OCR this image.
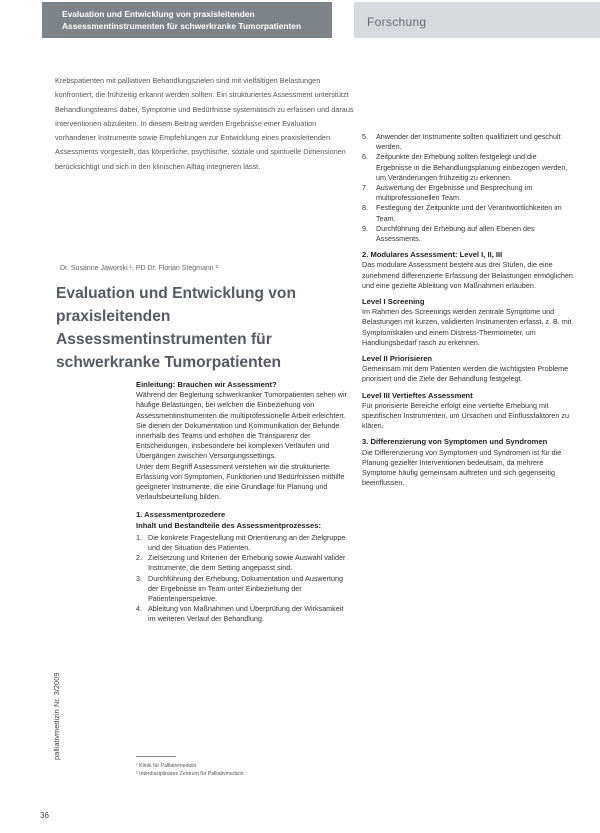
Evaluation und Entwicklung von praxisleitenden
Assessmentinstrumenten für schwerkranke Tumorpatienten	Forschung

Krebspatienten mit palliativen Behandlungszielen sind mit vielfältigen Belastungen konfrontiert, die frühzeitig erkannt werden sollten. Ein strukturiertes Assessment unterstützt Behandlungsteams dabei, Symptome und Bedürfnisse systematisch zu erfassen und daraus Interventionen abzuleiten. In diesem Beitrag werden Ergebnisse einer Evaluation vorhandener Instrumente sowie Empfehlungen zur Entwicklung eines praxisleitenden Assessments vorgestellt, das körperliche, psychische, soziale und spirituelle Dimensionen berücksichtigt und sich in den klinischen Alltag integrieren lässt.

Dr. Susanne Jaworski ¹, PD Dr. Florian Stegmann ²
Evaluation und Entwicklung von praxisleitenden Assessmentinstrumenten für schwerkranke Tumorpatienten

Einleitung: Brauchen wir Assessment?

Während der Begleitung schwerkranker Tumorpatienten sehen wir häufige Belastungen, bei welchen die Einbeziehung von Assessmentinstrumenten die multiprofessionelle Arbeit erleichtert. Sie dienen der Dokumentation und Kommunikation der Befunde innerhalb des Teams und erhöhen die Transparenz der Entscheidungen, insbesondere bei komplexen Verläufen und Übergängen zwischen Versorgungssettings.

Unter dem Begriff Assessment verstehen wir die strukturierte Erfassung von Symptomen, Funktionen und Bedürfnissen mithilfe geeigneter Instrumente, die eine Grundlage für Planung und Verlaufsbeurteilung bilden.

1. Assessmentprozedere

Inhalt und Bestandteile des Assessmentprozesses:

1. Die konkrete Fragestellung mit Orientierung an der Zielgruppe und der Situation des Patienten.
2. Zielsetzung und Kriterien der Erhebung sowie Auswahl valider Instrumente, die dem Setting angepasst sind.
3. Durchführung der Erhebung, Dokumentation und Auswertung der Ergebnisse im Team unter Einbeziehung der Patientenperspektive.
4. Ableitung von Maßnahmen und Überprüfung der Wirksamkeit im weiteren Verlauf der Behandlung.
5. Anwender der Instrumente sollten qualifiziert und geschult werden.
6. Zeitpunkte der Erhebung sollten festgelegt und die Ergebnisse in die Behandlungsplanung einbezogen werden, um Veränderungen frühzeitig zu erkennen.
7. Auswertung der Ergebnisse und Besprechung im multiprofessionellen Team.
8. Festlegung der Zeitpunkte und der Verantwortlichkeiten im Team.
9. Durchführung der Erhebung auf allen Ebenen des Assessments.

2. Modulares Assessment: Level I, II, III

Das modulare Assessment besteht aus drei Stufen, die eine zunehmend differenzierte Erfassung der Belastungen ermöglichen und eine gezielte Ableitung von Maßnahmen erlauben.

Level I Screening

Im Rahmen des Screenings werden zentrale Symptome und Belastungen mit kurzen, validierten Instrumenten erfasst, z. B. mit Symptomskalen und einem Distress-Thermometer, um Handlungsbedarf rasch zu erkennen.

Level II Priorisieren

Gemeinsam mit dem Patienten werden die wichtigsten Probleme priorisiert und die Ziele der Behandlung festgelegt.

Level III Vertieftes Assessment

Für priorisierte Bereiche erfolgt eine vertiefte Erhebung mit spezifischen Instrumenten, um Ursachen und Einflussfaktoren zu klären.

3. Differenzierung von Symptomen und Syndromen

Die Differenzierung von Symptomen und Syndromen ist für die Planung gezielter Interventionen bedeutsam, da mehrere Symptome häufig gemeinsam auftreten und sich gegenseitig beeinflussen.

¹ Klinik für Palliativmedizin

² Interdisziplinäres Zentrum für Palliativmedizin

palliativmedizin Nr. 3/2009
36
